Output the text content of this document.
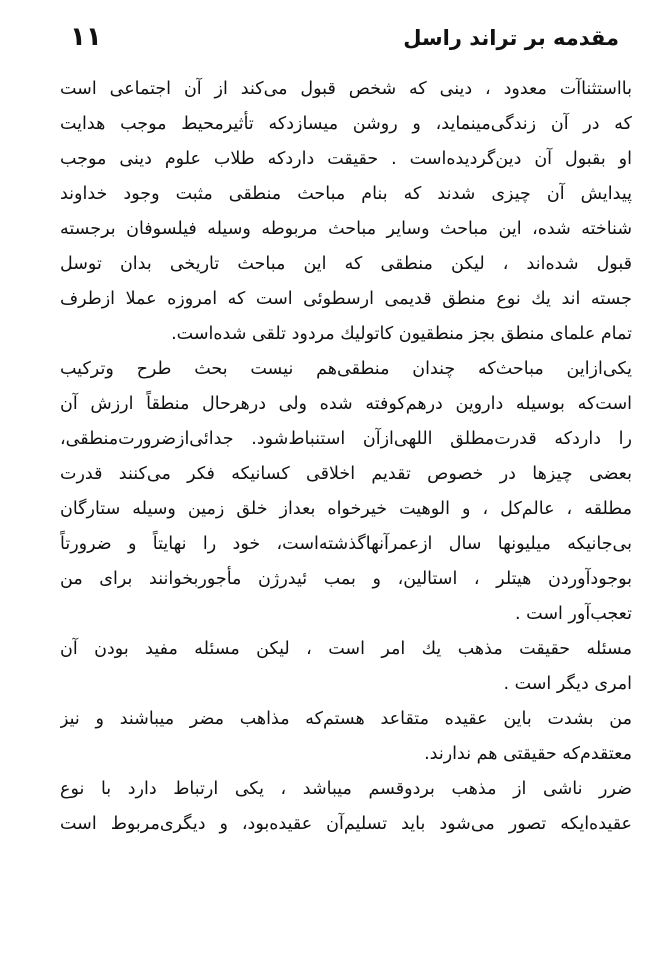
۱۱	مقدمه بر تراند راسل
بااستثناآت معدود ، دینی که شخص قبول می‌کند از آن اجتماعی است
که در آن زندگی‌مینماید، و روشن میسازدکه تأثیرمحیط موجب هدایت
او بقبول آن دین‌گردیده‌است . حقیقت دارد‌که طلاب علوم دینی موجب
پیدایش آن چیزی شدند که بنام مباحث منطقی مثبت وجود خداوند
شناخته شده، این مباحث وسایر مباحث مربوطه وسیله فیلسوفان برجسته
قبول شده‌اند ، لیکن منطقی که این مباحث تاریخی بدان توسل
جسته اند یك نوع منطق قدیمی ارسطوئی است که امروزه عملا ازطرف
تمام علمای منطق بجز منطقیون کاتولیك مردود تلقی شده‌است.
یکی‌ازاین مباحث‌که چندان منطقی‌هم نیست بحث طرح وترکیب
است‌که بوسیله داروین درهم‌کوفته شده ولی درهرحال منطقاً ارزش آن
را داردکه قدرت‌مطلق اللهی‌ازآن استنباط‌شود. جدائی‌ازضرورت‌منطقی،
بعضی چیزها در خصوص تقدیم اخلاقی کسانیکه فکر می‌کنند قدرت
مطلقه ، عالم‌کل ، و الوهیت خیرخواه بعداز خلق زمین وسیله ستارگان
بی‌جانیکه میلیونها سال ازعمرآنها‌گذشته‌است، خود را نهایتاً و ضرورتاً
بوجودآوردن هیتلر ، استالین، و بمب ئیدرژن مأجوربخوانند برای من
تعجب‌آور است .
مسئله حقیقت مذهب یك امر است ، لیکن مسئله مفید بودن آن
امری دیگر است .
من بشدت باین عقیده متقاعد هستم‌که مذاهب مضر میباشند و نیز
معتقدم‌که حقیقتی هم ندارند.
ضرر ناشی از مذهب بردوقسم میباشد ، یکی ارتباط دارد با نوع
عقیده‌ایکه تصور می‌شود باید تسلیم‌آن عقیده‌بود، و دیگری‌مربوط است
